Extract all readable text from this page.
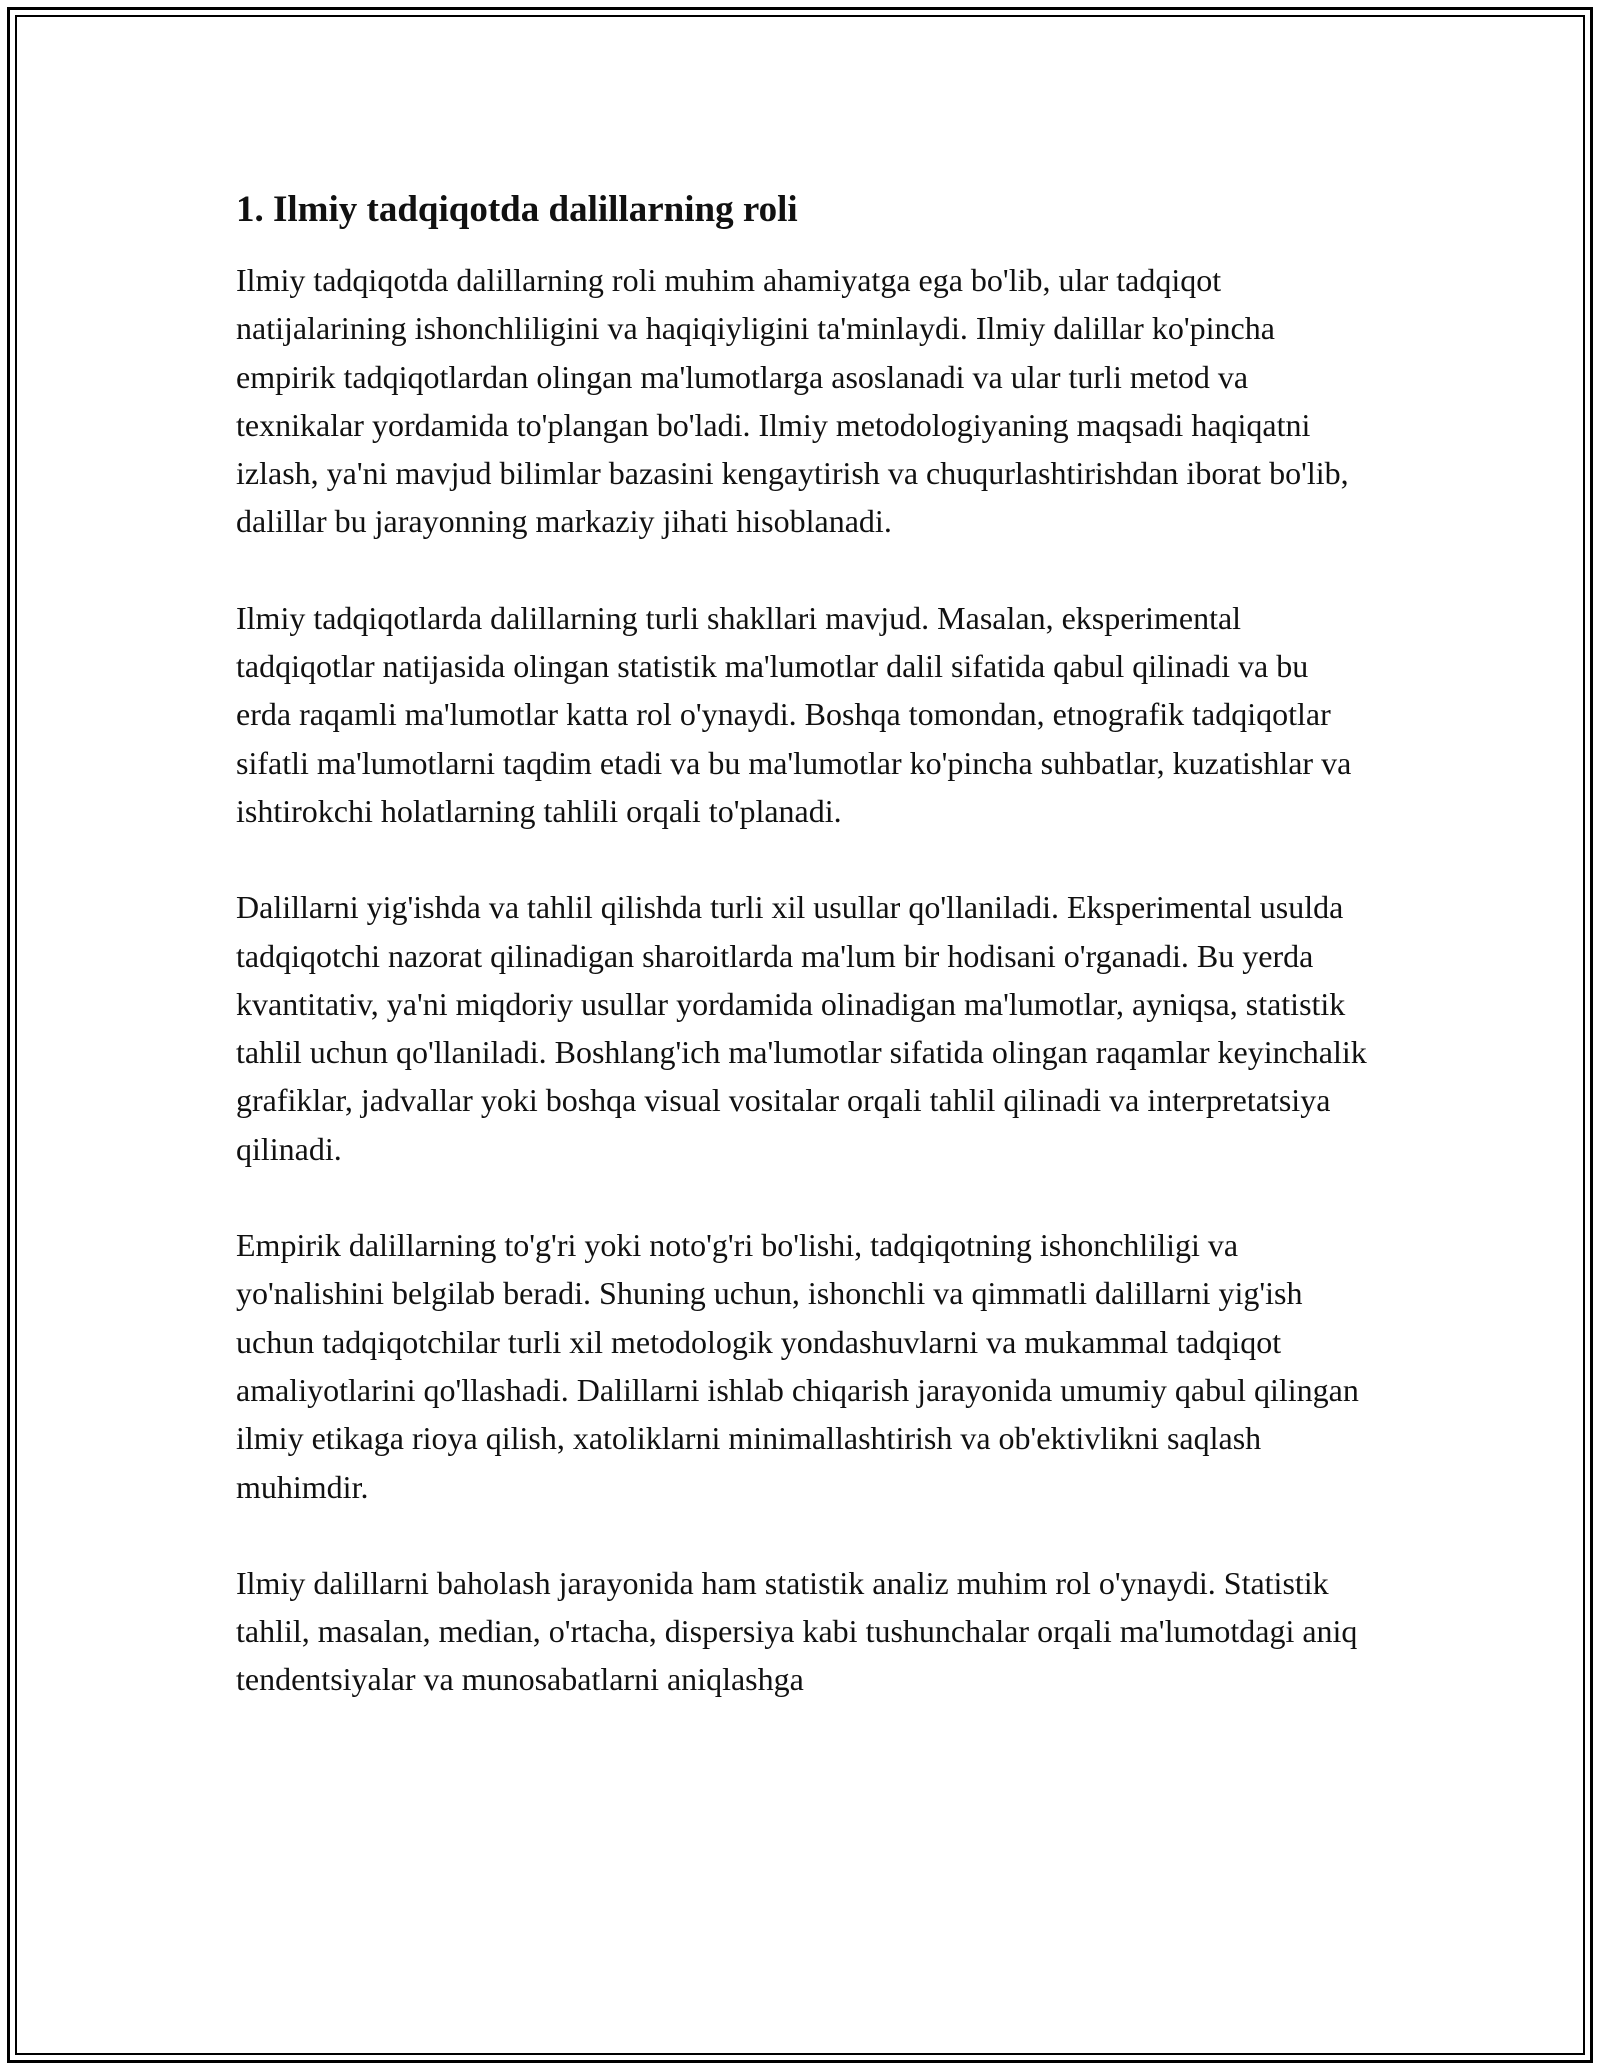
1. Ilmiy tadqiqotda dalillarning roli

Ilmiy tadqiqotda dalillarning roli muhim ahamiyatga ega bo'lib, ular tadqiqot natijalarining ishonchliligini va haqiqiyligini ta'minlaydi. Ilmiy dalillar ko'pincha empirik tadqiqotlardan olingan ma'lumotlarga asoslanadi va ular turli metod va texnikalar yordamida to'plangan bo'ladi. Ilmiy metodologiyaning maqsadi haqiqatni izlash, ya'ni mavjud bilimlar bazasini kengaytirish va chuqurlashtirishdan iborat bo'lib, dalillar bu jarayonning markaziy jihati hisoblanadi.

Ilmiy tadqiqotlarda dalillarning turli shakllari mavjud. Masalan, eksperimental tadqiqotlar natijasida olingan statistik ma'lumotlar dalil sifatida qabul qilinadi va bu erda raqamli ma'lumotlar katta rol o'ynaydi. Boshqa tomondan, etnografik tadqiqotlar sifatli ma'lumotlarni taqdim etadi va bu ma'lumotlar ko'pincha suhbatlar, kuzatishlar va ishtirokchi holatlarning tahlili orqali to'planadi.

Dalillarni yig'ishda va tahlil qilishda turli xil usullar qo'llaniladi. Eksperimental usulda tadqiqotchi nazorat qilinadigan sharoitlarda ma'lum bir hodisani o'rganadi. Bu yerda kvantitativ, ya'ni miqdoriy usullar yordamida olinadigan ma'lumotlar, ayniqsa, statistik tahlil uchun qo'llaniladi. Boshlang'ich ma'lumotlar sifatida olingan raqamlar keyinchalik grafiklar, jadvallar yoki boshqa visual vositalar orqali tahlil qilinadi va interpretatsiya qilinadi.

Empirik dalillarning to'g'ri yoki noto'g'ri bo'lishi, tadqiqotning ishonchliligi va yo'nalishini belgilab beradi. Shuning uchun, ishonchli va qimmatli dalillarni yig'ish uchun tadqiqotchilar turli xil metodologik yondashuvlarni va mukammal tadqiqot amaliyotlarini qo'llashadi. Dalillarni ishlab chiqarish jarayonida umumiy qabul qilingan ilmiy etikaga rioya qilish, xatoliklarni minimallashtirish va ob'ektivlikni saqlash muhimdir.

Ilmiy dalillarni baholash jarayonida ham statistik analiz muhim rol o'ynaydi. Statistik tahlil, masalan, median, o'rtacha, dispersiya kabi tushunchalar orqali ma'lumotdagi aniq tendentsiyalar va munosabatlarni aniqlashga
